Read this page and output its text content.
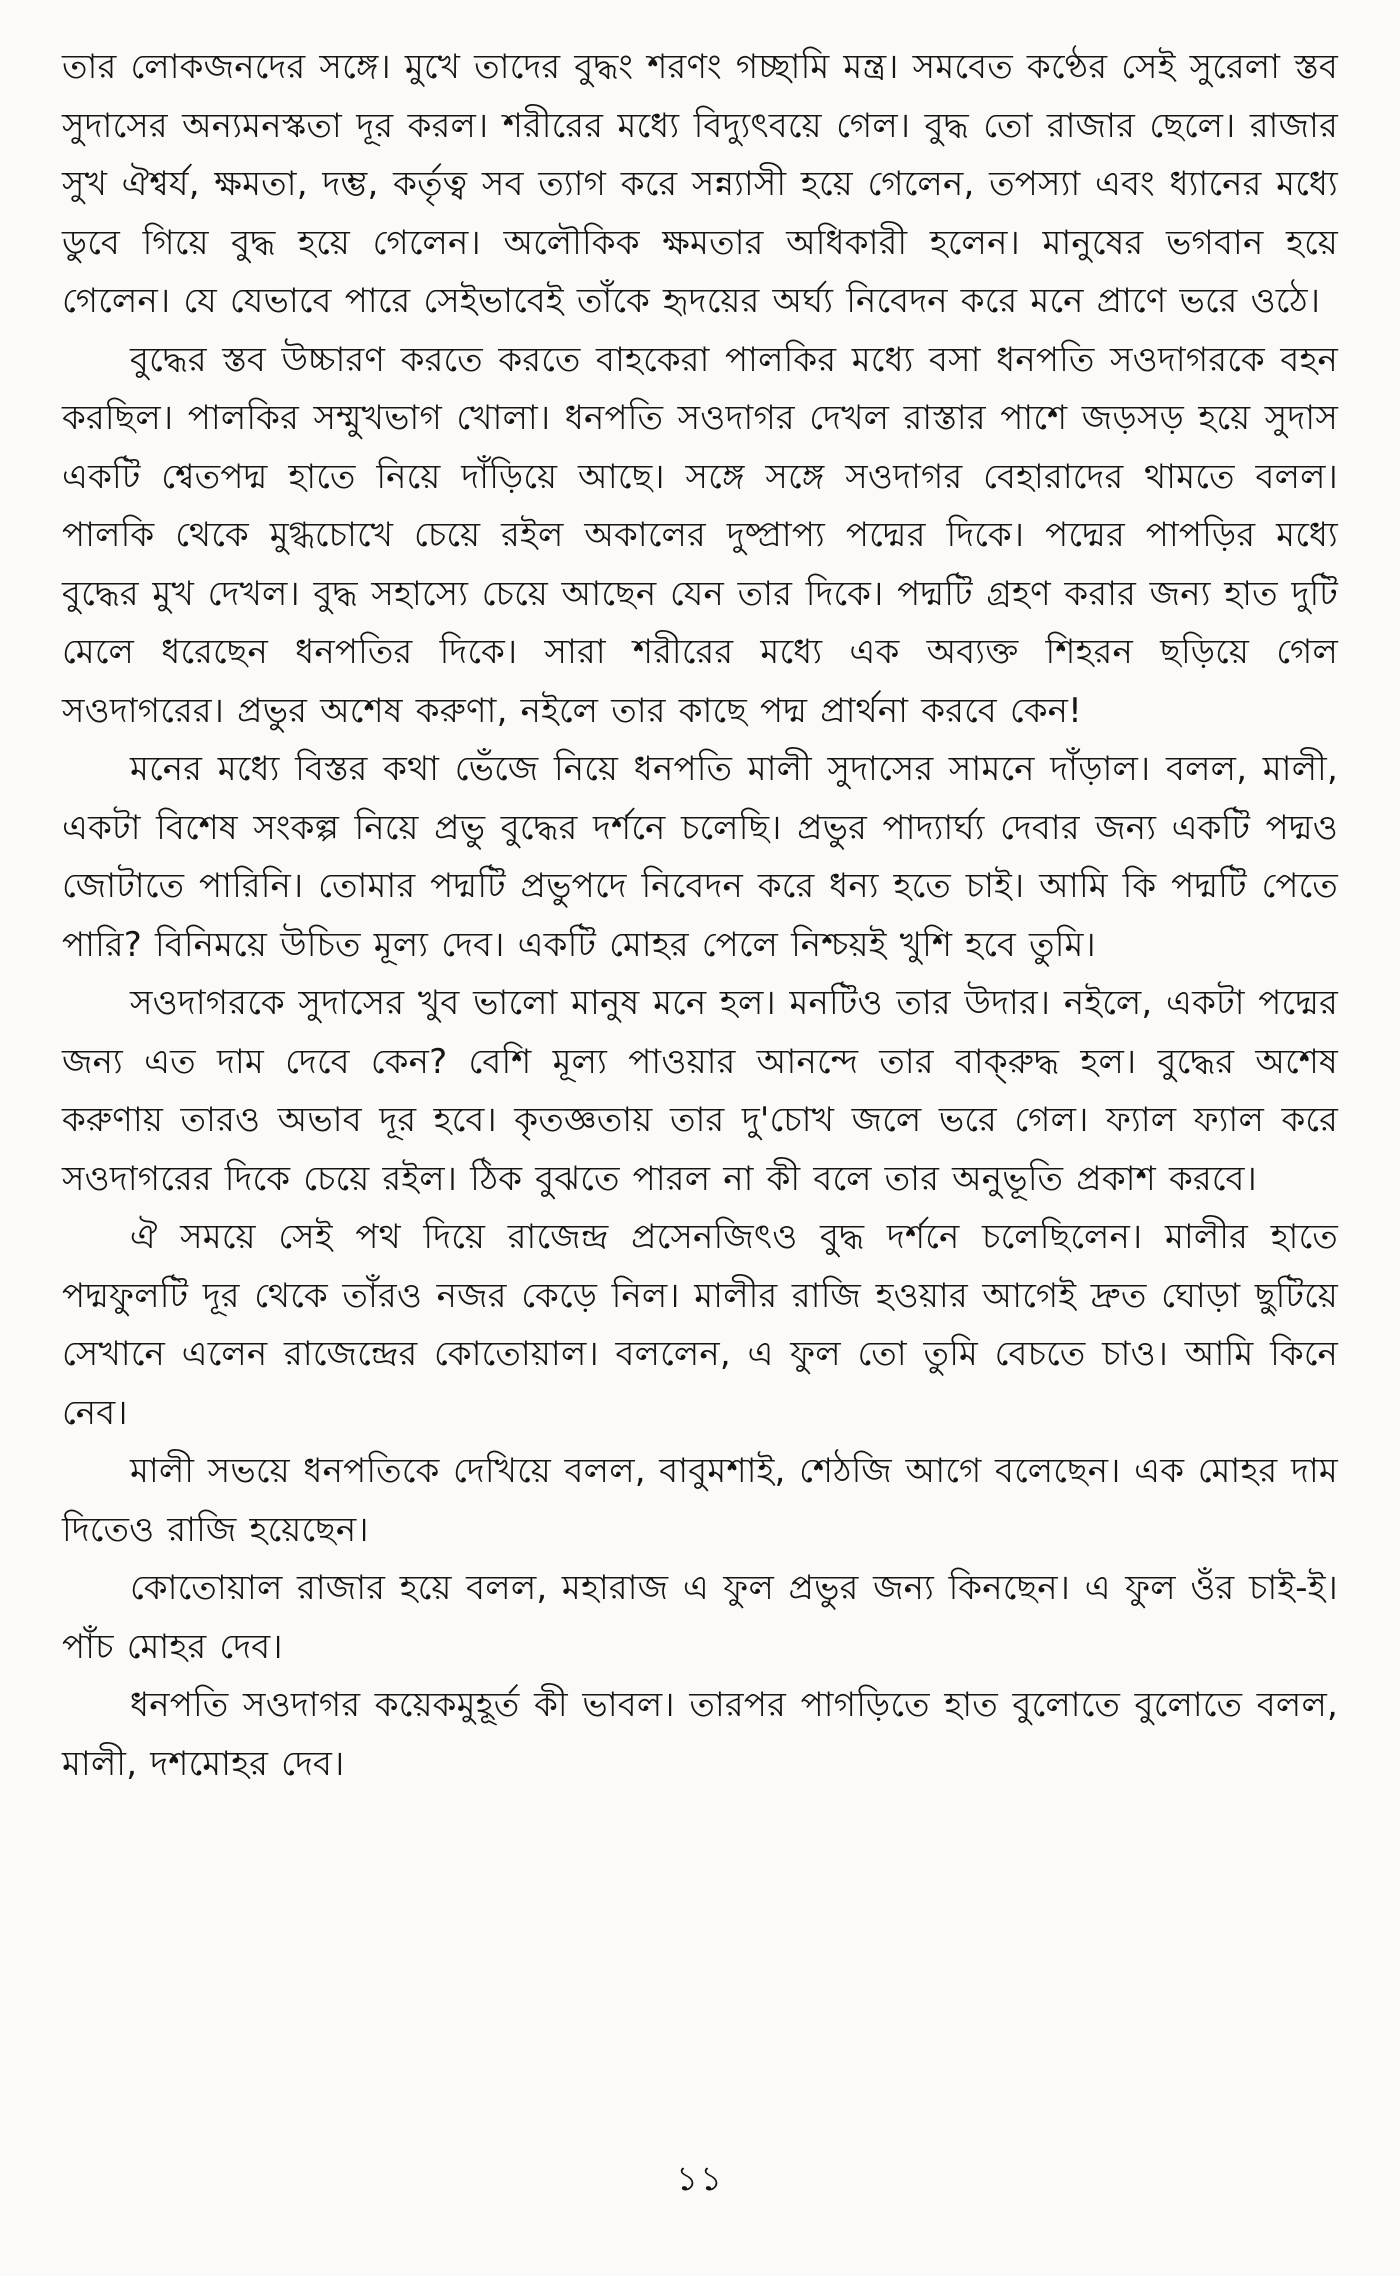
তার লোকজনদের সঙ্গে। মুখে তাদের বুদ্ধং শরণং গচ্ছামি মন্ত্র। সমবেত কণ্ঠের সেই সুরেলা স্তব সুদাসের অন্যমনস্কতা দূর করল। শরীরের মধ্যে বিদ্যুৎবয়ে গেল। বুদ্ধ তো রাজার ছেলে। রাজার সুখ ঐশ্বর্য, ক্ষমতা, দম্ভ, কর্তৃত্ব সব ত্যাগ করে সন্ন্যাসী হয়ে গেলেন, তপস্যা এবং ধ্যানের মধ্যে ডুবে গিয়ে বুদ্ধ হয়ে গেলেন। অলৌকিক ক্ষমতার অধিকারী হলেন। মানুষের ভগবান হয়ে গেলেন। যে যেভাবে পারে সেইভাবেই তাঁকে হৃদয়ের অর্ঘ্য নিবেদন করে মনে প্রাণে ভরে ওঠে।

বুদ্ধের স্তব উচ্চারণ করতে করতে বাহকেরা পালকির মধ্যে বসা ধনপতি সওদাগরকে বহন করছিল। পালকির সম্মুখভাগ খোলা। ধনপতি সওদাগর দেখল রাস্তার পাশে জড়সড় হয়ে সুদাস একটি শ্বেতপদ্ম হাতে নিয়ে দাঁড়িয়ে আছে। সঙ্গে সঙ্গে সওদাগর বেহারাদের থামতে বলল। পালকি থেকে মুগ্ধচোখে চেয়ে রইল অকালের দুষ্প্রাপ্য পদ্মের দিকে। পদ্মের পাপড়ির মধ্যে বুদ্ধের মুখ দেখল। বুদ্ধ সহাস্যে চেয়ে আছেন যেন তার দিকে। পদ্মটি গ্রহণ করার জন্য হাত দুটি মেলে ধরেছেন ধনপতির দিকে। সারা শরীরের মধ্যে এক অব্যক্ত শিহরন ছড়িয়ে গেল সওদাগরের। প্রভুর অশেষ করুণা, নইলে তার কাছে পদ্ম প্রার্থনা করবে কেন!

মনের মধ্যে বিস্তর কথা ভেঁজে নিয়ে ধনপতি মালী সুদাসের সামনে দাঁড়াল। বলল, মালী, একটা বিশেষ সংকল্প নিয়ে প্রভু বুদ্ধের দর্শনে চলেছি। প্রভুর পাদ্যার্ঘ্য দেবার জন্য একটি পদ্মও জোটাতে পারিনি। তোমার পদ্মটি প্রভুপদে নিবেদন করে ধন্য হতে চাই। আমি কি পদ্মটি পেতে পারি? বিনিময়ে উচিত মূল্য দেব। একটি মোহর পেলে নিশ্চয়ই খুশি হবে তুমি।

সওদাগরকে সুদাসের খুব ভালো মানুষ মনে হল। মনটিও তার উদার। নইলে, একটা পদ্মের জন্য এত দাম দেবে কেন? বেশি মূল্য পাওয়ার আনন্দে তার বাক্‌রুদ্ধ হল। বুদ্ধের অশেষ করুণায় তারও অভাব দূর হবে। কৃতজ্ঞতায় তার দু'চোখ জলে ভরে গেল। ফ্যাল ফ্যাল করে সওদাগরের দিকে চেয়ে রইল। ঠিক বুঝতে পারল না কী বলে তার অনুভূতি প্রকাশ করবে।

ঐ সময়ে সেই পথ দিয়ে রাজেন্দ্র প্রসেনজিৎও বুদ্ধ দর্শনে চলেছিলেন। মালীর হাতে পদ্মফুলটি দূর থেকে তাঁরও নজর কেড়ে নিল। মালীর রাজি হওয়ার আগেই দ্রুত ঘোড়া ছুটিয়ে সেখানে এলেন রাজেন্দ্রের কোতোয়াল। বললেন, এ ফুল তো তুমি বেচতে চাও। আমি কিনে নেব।

মালী সভয়ে ধনপতিকে দেখিয়ে বলল, বাবুমশাই, শেঠজি আগে বলেছেন। এক মোহর দাম দিতেও রাজি হয়েছেন।

কোতোয়াল রাজার হয়ে বলল, মহারাজ এ ফুল প্রভুর জন্য কিনছেন। এ ফুল ওঁর চাই-ই। পাঁচ মোহর দেব।

ধনপতি সওদাগর কয়েকমুহূর্ত কী ভাবল। তারপর পাগড়িতে হাত বুলোতে বুলোতে বলল, মালী, দশমোহর দেব।

১১
